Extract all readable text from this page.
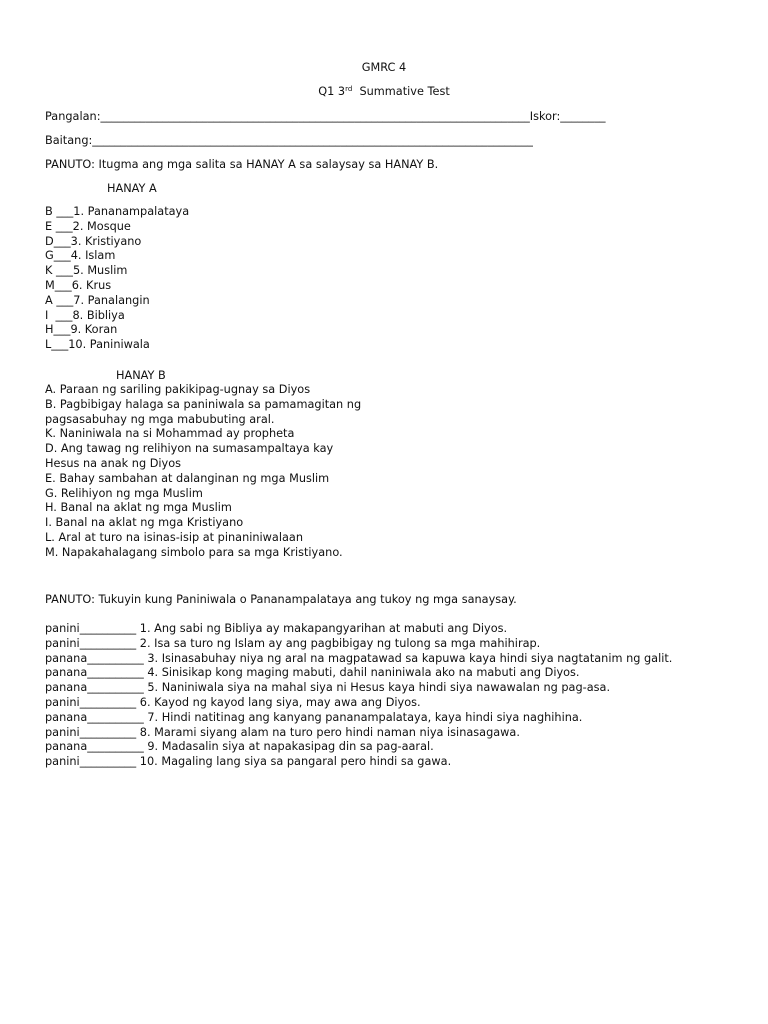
GMRC 4
Q1 3rd  Summative Test
Pangalan:____________________________________________________________________________Iskor:________
Baitang:______________________________________________________________________________
PANUTO: Itugma ang mga salita sa HANAY A sa salaysay sa HANAY B.
HANAY A
B ___1. Pananampalataya
E ___2. Mosque
D___3. Kristiyano
G___4. Islam
K ___5. Muslim
M___6. Krus
A ___7. Panalangin
I  ___8. Bibliya
H___9. Koran
L___10. Paniniwala
HANAY B
A. Paraan ng sariling pakikipag-ugnay sa Diyos
B. Pagbibigay halaga sa paniniwala sa pamamagitan ng
pagsasabuhay ng mga mabubuting aral.
K. Naniniwala na si Mohammad ay propheta
D. Ang tawag ng relihiyon na sumasampaltaya kay
Hesus na anak ng Diyos
E. Bahay sambahan at dalanginan ng mga Muslim
G. Relihiyon ng mga Muslim
H. Banal na aklat ng mga Muslim
I. Banal na aklat ng mga Kristiyano
L. Aral at turo na isinas-isip at pinaniniwalaan
M. Napakahalagang simbolo para sa mga Kristiyano.
PANUTO: Tukuyin kung Paniniwala o Pananampalataya ang tukoy ng mga sanaysay.
panini__________ 1. Ang sabi ng Bibliya ay makapangyarihan at mabuti ang Diyos.
panini__________ 2. Isa sa turo ng Islam ay ang pagbibigay ng tulong sa mga mahihirap.
panana__________ 3. Isinasabuhay niya ng aral na magpatawad sa kapuwa kaya hindi siya nagtatanim ng galit.
panana__________ 4. Sinisikap kong maging mabuti, dahil naniniwala ako na mabuti ang Diyos.
panana__________ 5. Naniniwala siya na mahal siya ni Hesus kaya hindi siya nawawalan ng pag-asa.
panini__________ 6. Kayod ng kayod lang siya, may awa ang Diyos.
panana__________ 7. Hindi natitinag ang kanyang pananampalataya, kaya hindi siya naghihina.
panini__________ 8. Marami siyang alam na turo pero hindi naman niya isinasagawa.
panana__________ 9. Madasalin siya at napakasipag din sa pag-aaral.
panini__________ 10. Magaling lang siya sa pangaral pero hindi sa gawa.
